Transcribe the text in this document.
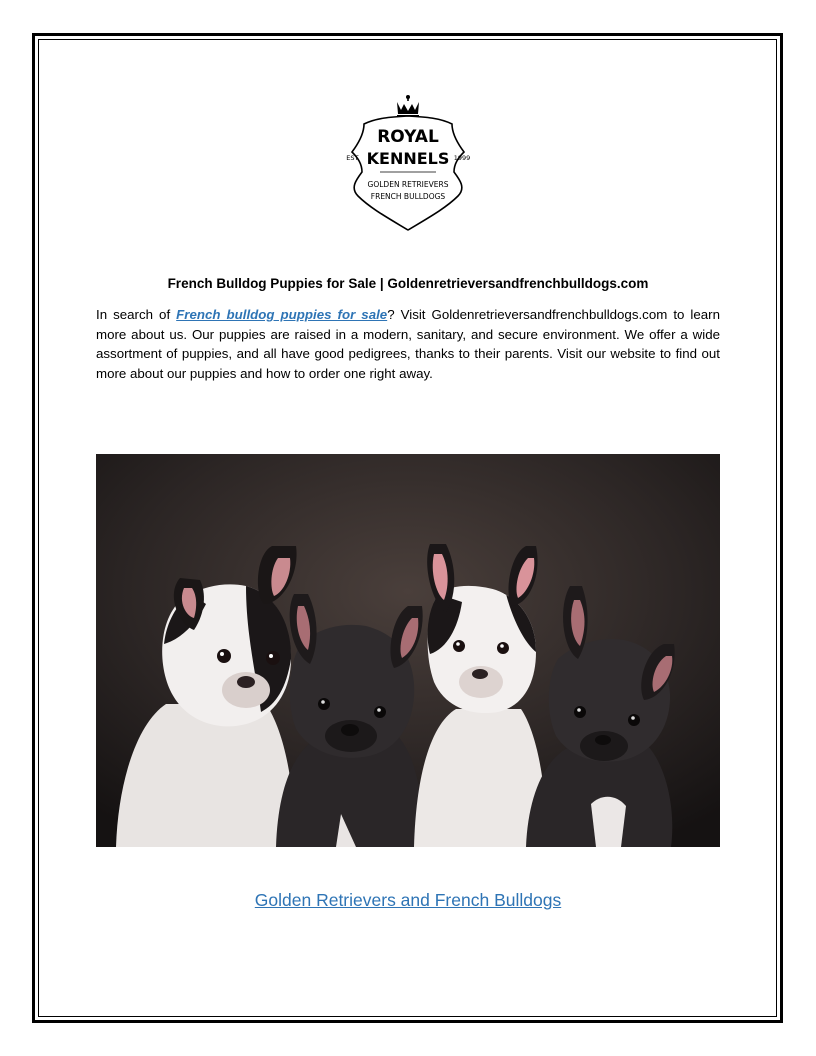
ROYAL
KENNELS
EST.	1999
GOLDEN RETRIEVERS
FRENCH BULLDOGS
French Bulldog Puppies for Sale | Goldenretrieversandfrenchbulldogs.com

In search of French bulldog puppies for sale? Visit Goldenretrieversandfrenchbulldogs.com to learn more about us. Our puppies are raised in a modern, sanitary, and secure environment. We offer a wide assortment of puppies, and all have good pedigrees, thanks to their parents. Visit our website to find out more about our puppies and how to order one right away.

Golden Retrievers and French Bulldogs
